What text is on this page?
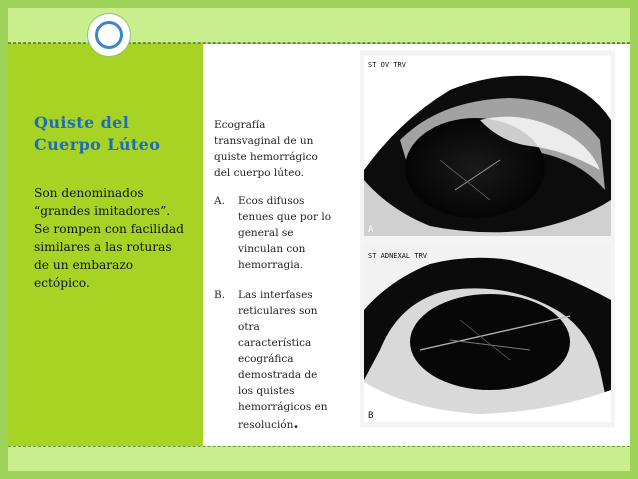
Quiste del
Cuerpo Lúteo
Son denominados
“grandes imitadores”.
Se rompen con facilidad
similares a las roturas
de un embarazo
ectópico.
Ecografía
transvaginal de un
quiste hemorrágico
del cuerpo lúteo.
A. Ecos difusos
tenues que por lo
general se
vinculan con
hemorragia.
B. Las interfases
reticulares son
otra
característica
ecográfica
demostrada de
los quistes
hemorrágicos en
resolución.
ST OV TRV
A
ST ADNEXAL TRV
B
